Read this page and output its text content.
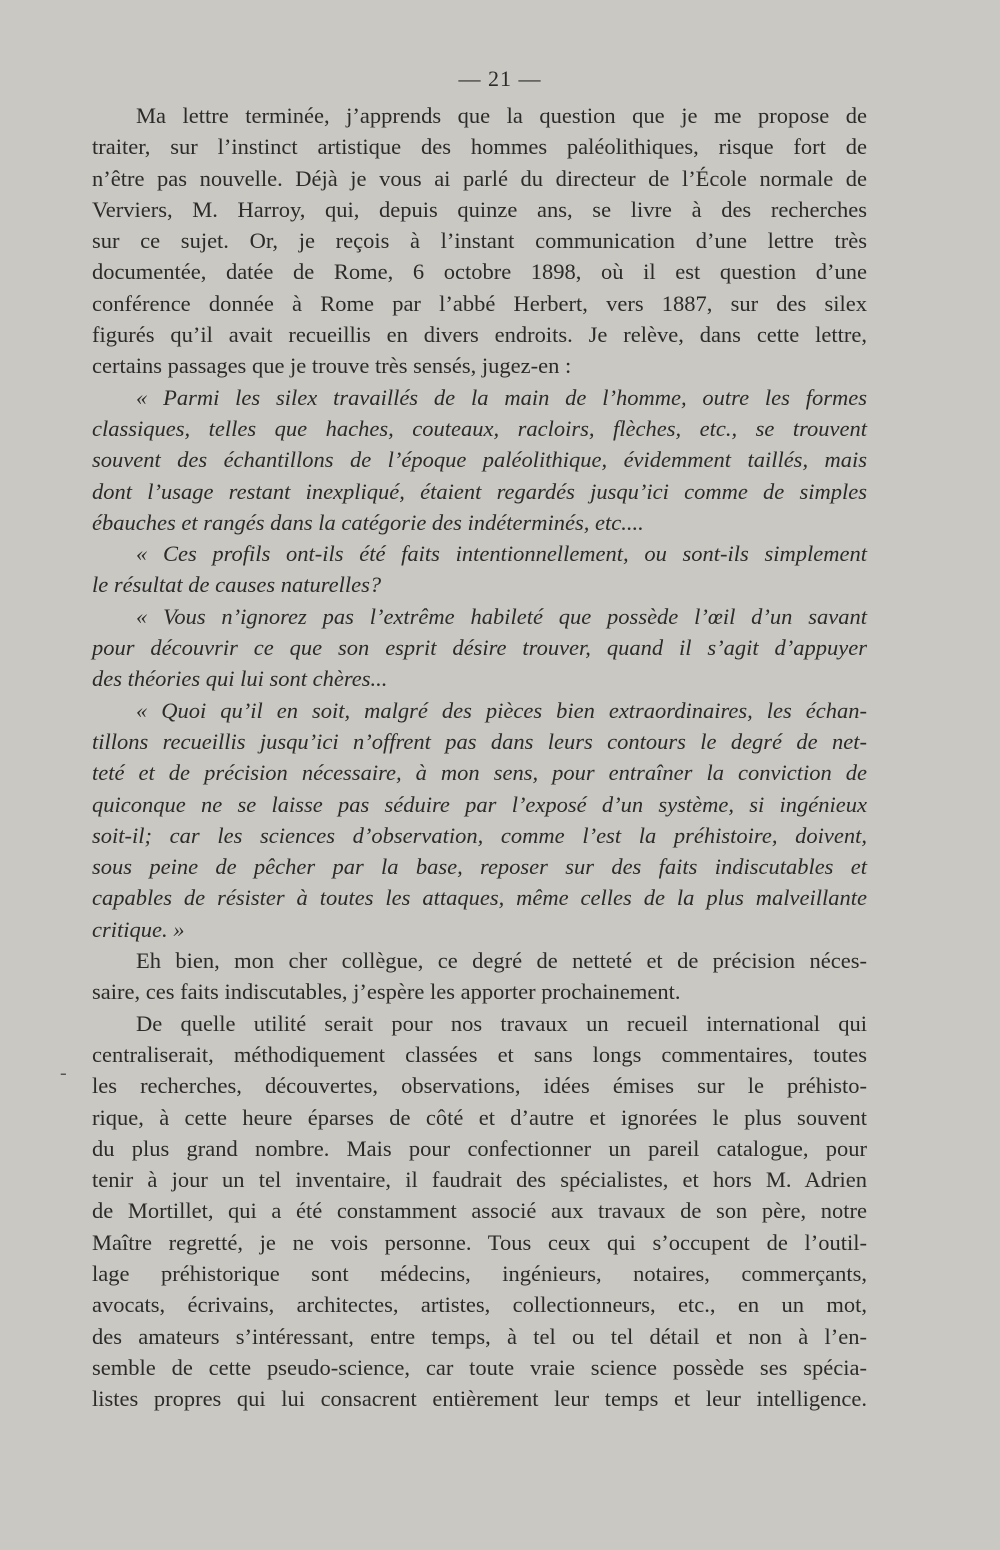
— 21 —
-
Ma lettre terminée, j’apprends que la question que je me propose de
traiter, sur l’instinct artistique des hommes paléolithiques, risque fort de
n’être pas nouvelle. Déjà je vous ai parlé du directeur de l’École normale de
Verviers, M. Harroy, qui, depuis quinze ans, se livre à des recherches
sur ce sujet. Or, je reçois à l’instant communication d’une lettre très
documentée, datée de Rome, 6 octobre 1898, où il est question d’une
conférence donnée à Rome par l’abbé Herbert, vers 1887, sur des silex
figurés qu’il avait recueillis en divers endroits. Je relève, dans cette lettre,
certains passages que je trouve très sensés, jugez-en :
« Parmi les silex travaillés de la main de l’homme, outre les formes
classiques, telles que haches, couteaux, racloirs, flèches, etc., se trouvent
souvent des échantillons de l’époque paléolithique, évidemment taillés, mais
dont l’usage restant inexpliqué, étaient regardés jusqu’ici comme de simples
ébauches et rangés dans la catégorie des indéterminés, etc....
« Ces profils ont-ils été faits intentionnellement, ou sont-ils simplement
le résultat de causes naturelles?
« Vous n’ignorez pas l’extrême habileté que possède l’œil d’un savant
pour découvrir ce que son esprit désire trouver, quand il s’agit d’appuyer
des théories qui lui sont chères...
« Quoi qu’il en soit, malgré des pièces bien extraordinaires, les échan-
tillons recueillis jusqu’ici n’offrent pas dans leurs contours le degré de net-
teté et de précision nécessaire, à mon sens, pour entraîner la conviction de
quiconque ne se laisse pas séduire par l’exposé d’un système, si ingénieux
soit-il; car les sciences d’observation, comme l’est la préhistoire, doivent,
sous peine de pêcher par la base, reposer sur des faits indiscutables et
capables de résister à toutes les attaques, même celles de la plus malveillante
critique. »
Eh bien, mon cher collègue, ce degré de netteté et de précision néces-
saire, ces faits indiscutables, j’espère les apporter prochainement.
De quelle utilité serait pour nos travaux un recueil international qui
centraliserait, méthodiquement classées et sans longs commentaires, toutes
les recherches, découvertes, observations, idées émises sur le préhisto-
rique, à cette heure éparses de côté et d’autre et ignorées le plus souvent
du plus grand nombre. Mais pour confectionner un pareil catalogue, pour
tenir à jour un tel inventaire, il faudrait des spécialistes, et hors M. Adrien
de Mortillet, qui a été constamment associé aux travaux de son père, notre
Maître regretté, je ne vois personne. Tous ceux qui s’occupent de l’outil-
lage préhistorique sont médecins, ingénieurs, notaires, commerçants,
avocats, écrivains, architectes, artistes, collectionneurs, etc., en un mot,
des amateurs s’intéressant, entre temps, à tel ou tel détail et non à l’en-
semble de cette pseudo-science, car toute vraie science possède ses spécia-
listes propres qui lui consacrent entièrement leur temps et leur intelligence.
